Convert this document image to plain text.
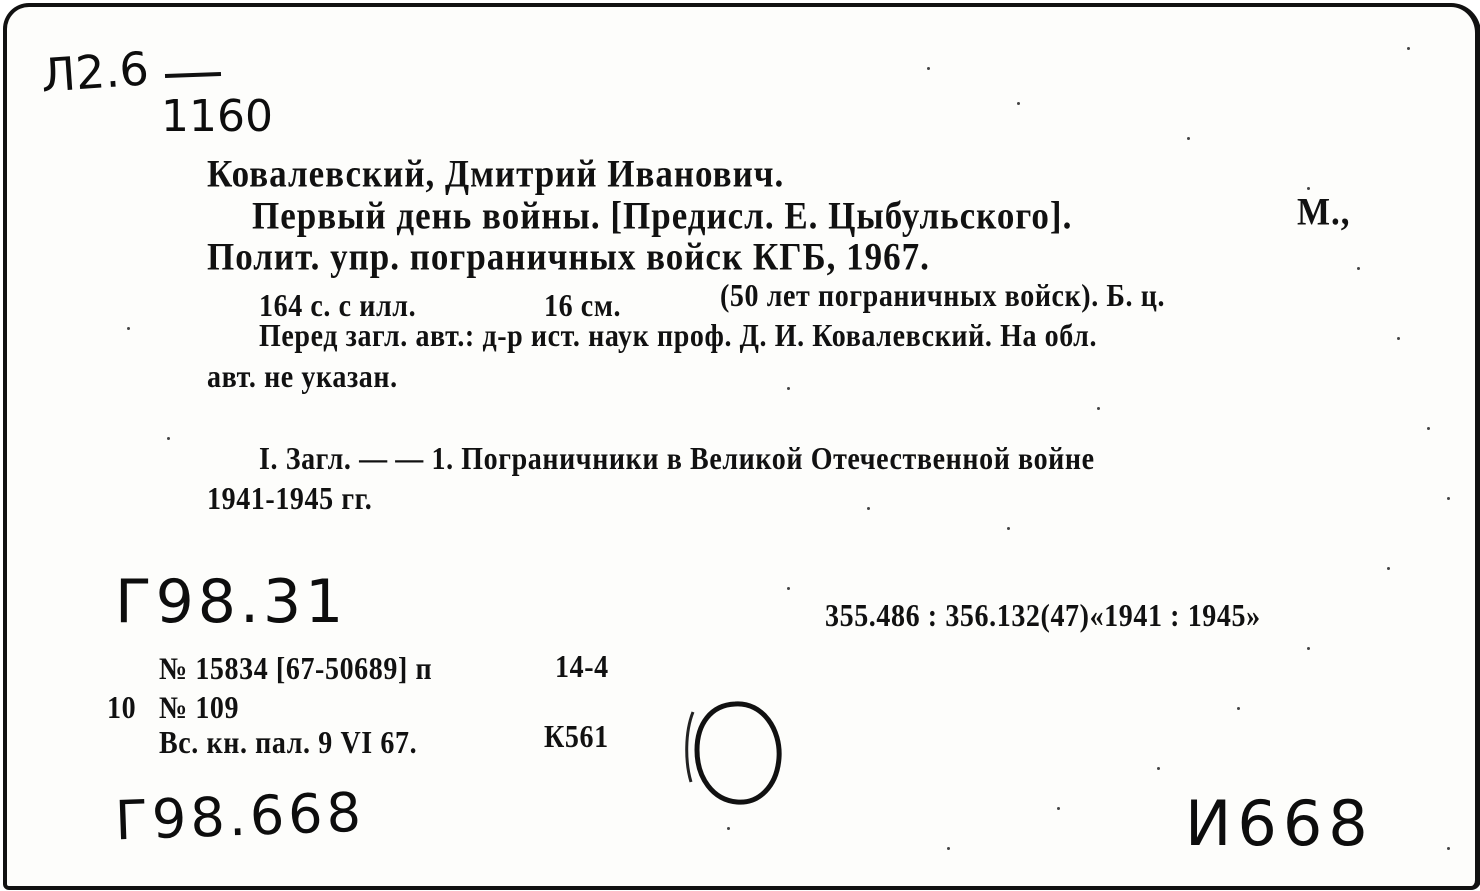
Л2.6
1160

Ковалевский, Дмитрий Иванович.

Первый день войны. [Предисл. Е. Цыбульского].	М.,

Полит. упр. пограничных войск КГБ, 1967.

164 с. с илл.	16 см.	(50 лет пограничных войск). Б. ц.

Перед загл. авт.: д-р ист. наук проф. Д. И. Ковалевский. На обл.

авт. не указан.

I. Загл. — — 1. Пограничники в Великой Отечественной войне

1941-1945 гг.

Г98.31	355.486 : 356.132(47)«1941 : 1945»

№ 15834 [67-50689] п	14-4

10 № 109

Вс. кн. пал. 9 VI 67.	К561

Г98.668	И668
